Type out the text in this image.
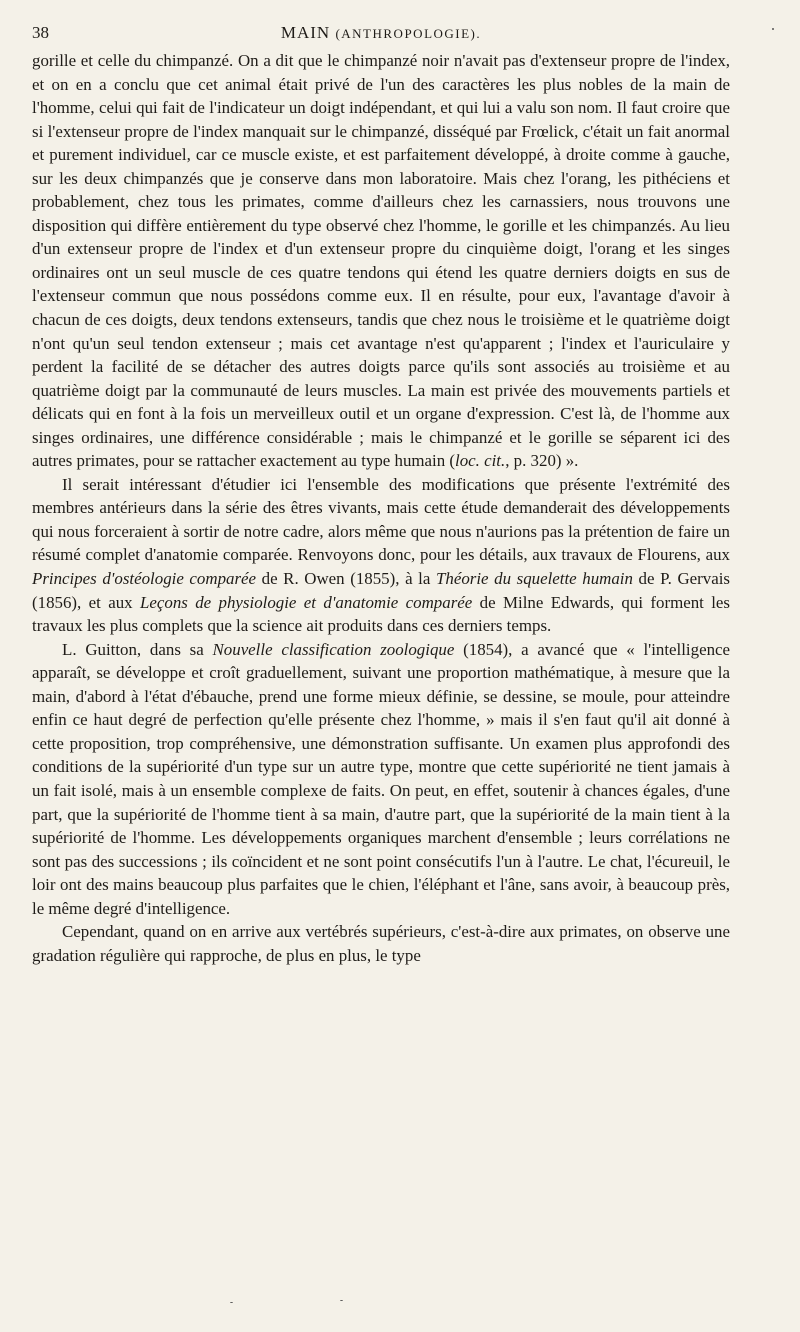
38	MAIN (ANTHROPOLOGIE).

gorille et celle du chimpanzé. On a dit que le chimpanzé noir n'avait pas d'extenseur propre de l'index, et on en a conclu que cet animal était privé de l'un des caractères les plus nobles de la main de l'homme, celui qui fait de l'indicateur un doigt indépendant, et qui lui a valu son nom. Il faut croire que si l'extenseur propre de l'index manquait sur le chimpanzé, disséqué par Frœlick, c'était un fait anormal et purement individuel, car ce muscle existe, et est parfaitement développé, à droite comme à gauche, sur les deux chimpanzés que je conserve dans mon laboratoire. Mais chez l'orang, les pithéciens et probablement, chez tous les primates, comme d'ailleurs chez les carnassiers, nous trouvons une disposition qui diffère entièrement du type observé chez l'homme, le gorille et les chimpanzés. Au lieu d'un extenseur propre de l'index et d'un extenseur propre du cinquième doigt, l'orang et les singes ordinaires ont un seul muscle de ces quatre tendons qui étend les quatre derniers doigts en sus de l'extenseur commun que nous possédons comme eux. Il en résulte, pour eux, l'avantage d'avoir à chacun de ces doigts, deux tendons extenseurs, tandis que chez nous le troisième et le quatrième doigt n'ont qu'un seul tendon extenseur ; mais cet avantage n'est qu'apparent ; l'index et l'auriculaire y perdent la facilité de se détacher des autres doigts parce qu'ils sont associés au troisième et au quatrième doigt par la communauté de leurs muscles. La main est privée des mouvements partiels et délicats qui en font à la fois un merveilleux outil et un organe d'expression. C'est là, de l'homme aux singes ordinaires, une différence considérable ; mais le chimpanzé et le gorille se séparent ici des autres primates, pour se rattacher exactement au type humain (loc. cit., p. 320) ».

Il serait intéressant d'étudier ici l'ensemble des modifications que présente l'extrémité des membres antérieurs dans la série des êtres vivants, mais cette étude demanderait des développements qui nous forceraient à sortir de notre cadre, alors même que nous n'aurions pas la prétention de faire un résumé complet d'anatomie comparée. Renvoyons donc, pour les détails, aux travaux de Flourens, aux Principes d'ostéologie comparée de R. Owen (1855), à la Théorie du squelette humain de P. Gervais (1856), et aux Leçons de physiologie et d'anatomie comparée de Milne Edwards, qui forment les travaux les plus complets que la science ait produits dans ces derniers temps.

L. Guitton, dans sa Nouvelle classification zoologique (1854), a avancé que « l'intelligence apparaît, se développe et croît graduellement, suivant une proportion mathématique, à mesure que la main, d'abord à l'état d'ébauche, prend une forme mieux définie, se dessine, se moule, pour atteindre enfin ce haut degré de perfection qu'elle présente chez l'homme, » mais il s'en faut qu'il ait donné à cette proposition, trop compréhensive, une démonstration suffisante. Un examen plus approfondi des conditions de la supériorité d'un type sur un autre type, montre que cette supériorité ne tient jamais à un fait isolé, mais à un ensemble complexe de faits. On peut, en effet, soutenir à chances égales, d'une part, que la supériorité de l'homme tient à sa main, d'autre part, que la supériorité de la main tient à la supériorité de l'homme. Les développements organiques marchent d'ensemble ; leurs corrélations ne sont pas des successions ; ils coïncident et ne sont point consécutifs l'un à l'autre. Le chat, l'écureuil, le loir ont des mains beaucoup plus parfaites que le chien, l'éléphant et l'âne, sans avoir, à beaucoup près, le même degré d'intelligence.

Cependant, quand on en arrive aux vertébrés supérieurs, c'est-à-dire aux primates, on observe une gradation régulière qui rapproche, de plus en plus, le type
